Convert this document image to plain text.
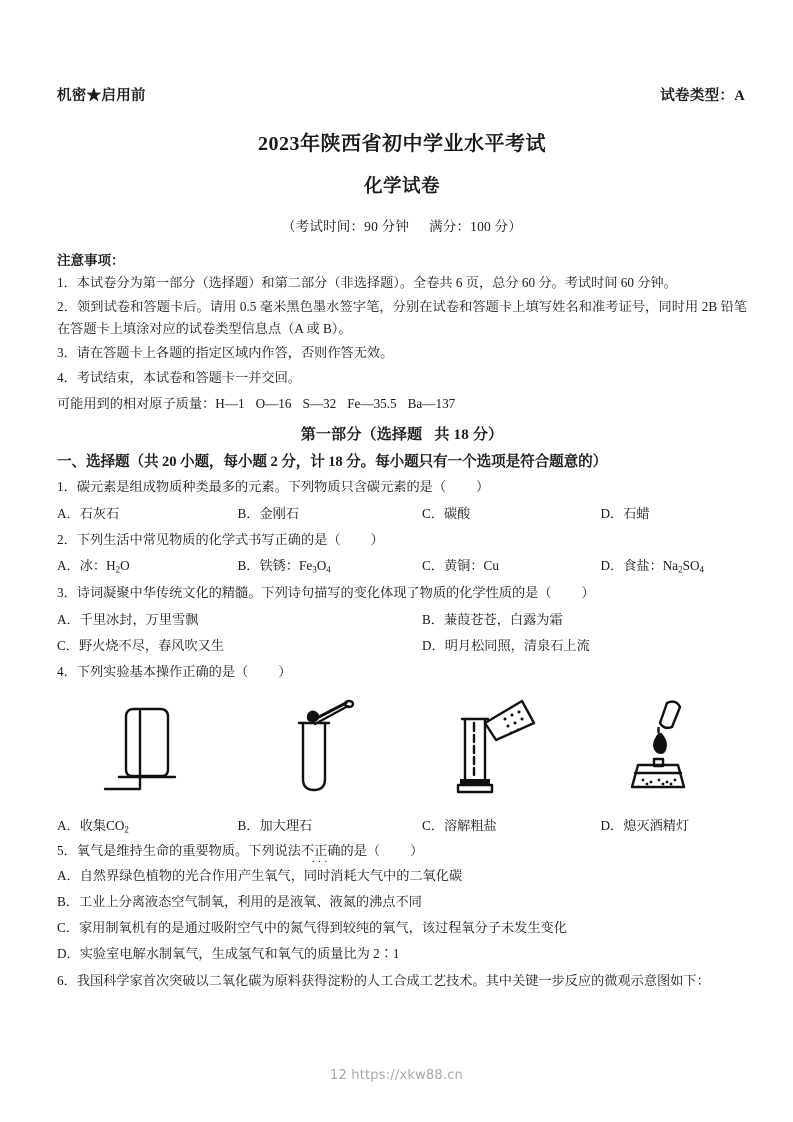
机密★启用前	试卷类型：A
2023年陕西省初中学业水平考试
化学试卷
（考试时间：90 分钟 满分：100 分）
注意事项：
1．本试卷分为第一部分（选择题）和第二部分（非选择题）。全卷共 6 页，总分 60 分。考试时间 60 分钟。
2．领到试卷和答题卡后。请用 0.5 毫米黑色墨水签字笔，分别在试卷和答题卡上填写姓名和准考证号，同时用 2B 铅笔在答题卡上填涂对应的试卷类型信息点（A 或 B）。
3．请在答题卡上各题的指定区域内作答，否则作答无效。
4．考试结束，本试卷和答题卡一并交回。
可能用到的相对原子质量：H—1 O—16 S—32 Fe—35.5 Ba—137
第一部分（选择题 共 18 分）
一、选择题（共 20 小题，每小题 2 分，计 18 分。每小题只有一个选项是符合题意的）
1．碳元素是组成物质种类最多的元素。下列物质只含碳元素的是（ ）
A．石灰石	B．金刚石	C．碳酸	D．石蜡
2．下列生活中常见物质的化学式书写正确的是（ ）
A．冰：$H_2O$	B．铁锈：$Fe_3O_4$	C．黄铜：Cu	D．食盐：$Na_2SO_4$
3．诗词凝聚中华传统文化的精髓。下列诗句描写的变化体现了物质的化学性质的是（ ）
A．千里冰封，万里雪飘	B．蒹葭苍苍，白露为霜
C．野火烧不尽，春风吹又生	D．明月松同照，清泉石上流
4．下列实验基本操作正确的是（ ）
A．收集$CO_2$	B．加大理石	C．溶解粗盐	D．熄灭酒精灯
5．氧气是维持生命的重要物质。下列说法不正确 ···的是（ ）
A．自然界绿色植物的光合作用产生氧气，同时消耗大气中的二氧化碳
B．工业上分离液态空气制氧，利用的是液氧、液氮的沸点不同
C．家用制氧机有的是通过吸附空气中的氮气得到较纯的氧气，该过程氧分子未发生变化
D．实验室电解水制氧气，生成氢气和氧气的质量比为 2∶1
6．我国科学家首次突破以二氧化碳为原料获得淀粉的人工合成工艺技术。其中关键一步反应的微观示意图如下：
12 https://xkw88.cn
